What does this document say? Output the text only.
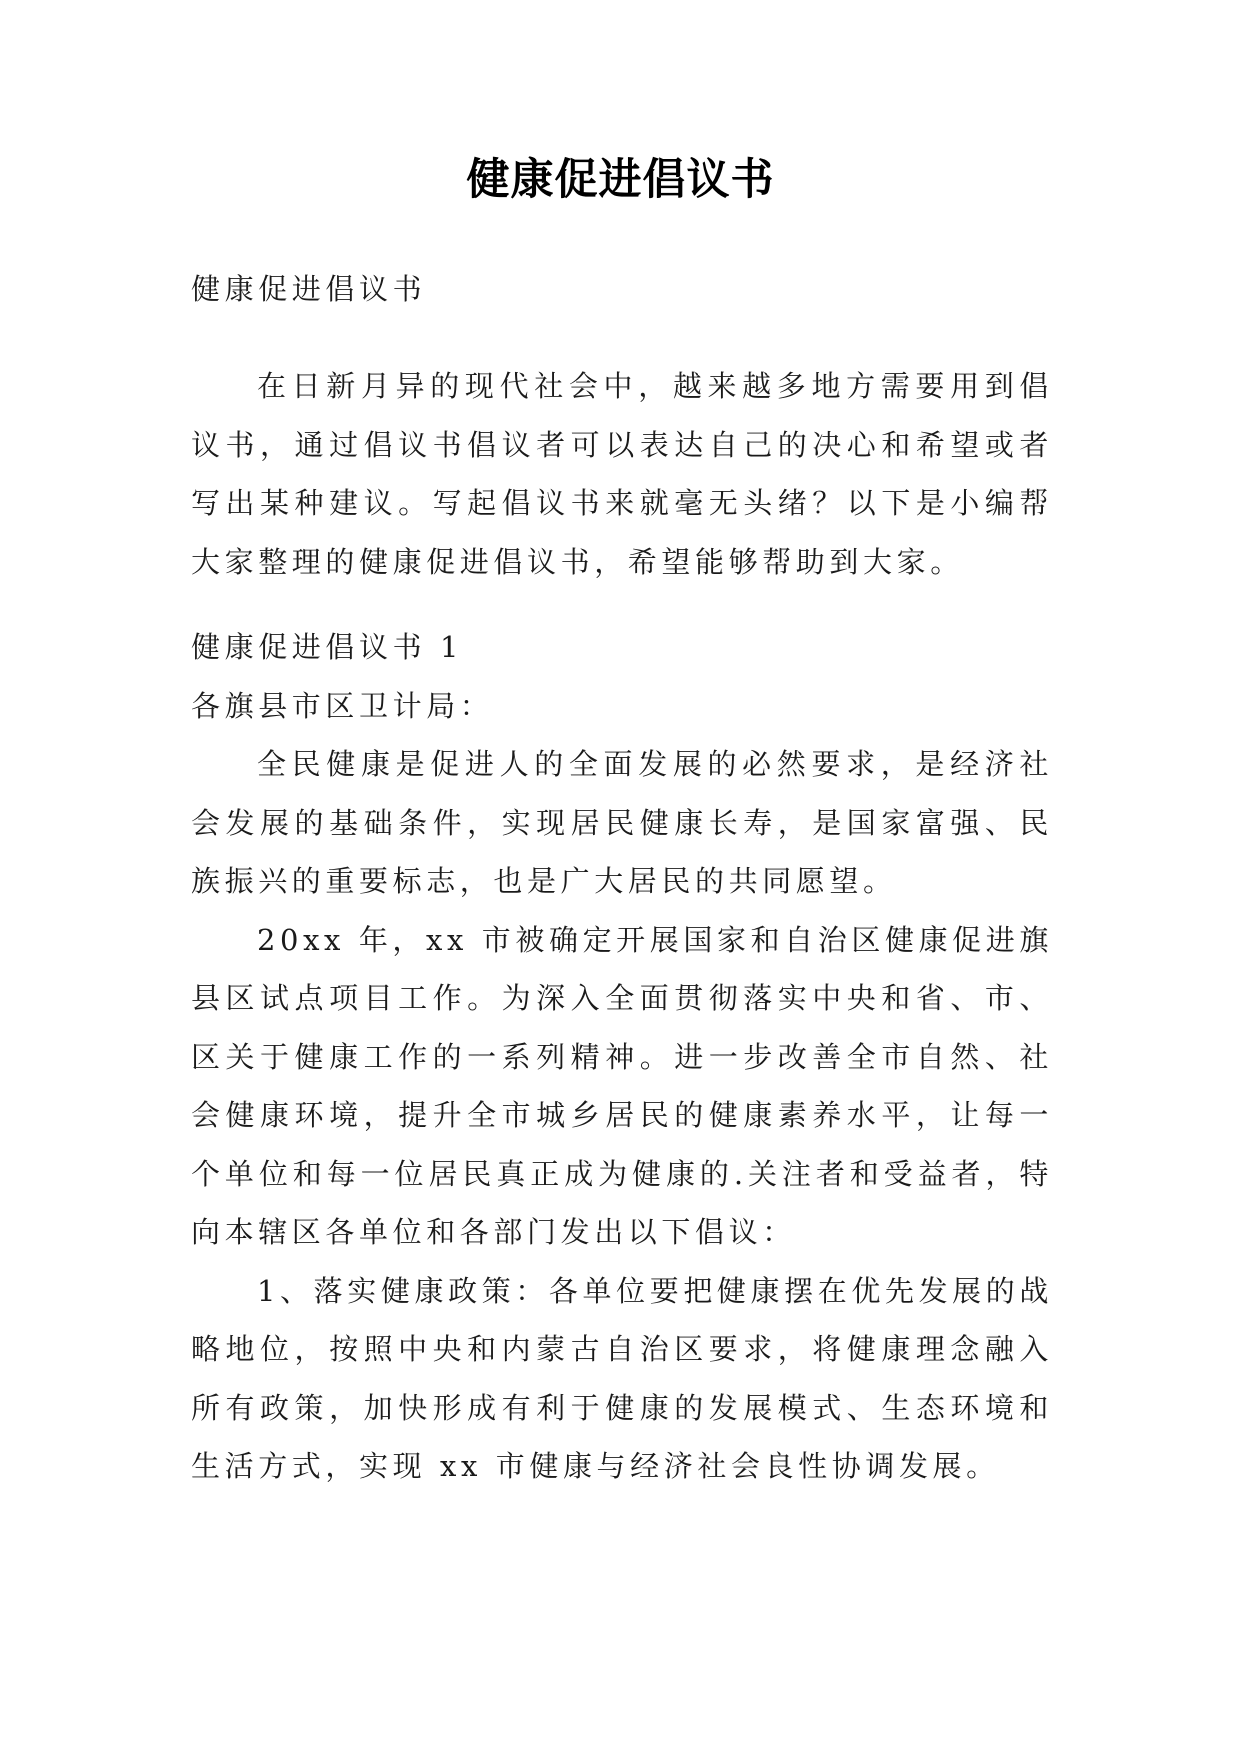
健康促进倡议书

健康促进倡议书

在日新月异的现代社会中，越来越多地方需要用到倡议书，通过倡议书倡议者可以表达自己的决心和希望或者写出某种建议。写起倡议书来就毫无头绪？以下是小编帮大家整理的健康促进倡议书，希望能够帮助到大家。

健康促进倡议书 1

各旗县市区卫计局：

全民健康是促进人的全面发展的必然要求，是经济社会发展的基础条件，实现居民健康长寿，是国家富强、民族振兴的重要标志，也是广大居民的共同愿望。

20xx 年，xx 市被确定开展国家和自治区健康促进旗县区试点项目工作。为深入全面贯彻落实中央和省、市、区关于健康工作的一系列精神。进一步改善全市自然、社会健康环境，提升全市城乡居民的健康素养水平，让每一个单位和每一位居民真正成为健康的.关注者和受益者，特向本辖区各单位和各部门发出以下倡议：

1、落实健康政策：各单位要把健康摆在优先发展的战略地位，按照中央和内蒙古自治区要求，将健康理念融入所有政策，加快形成有利于健康的发展模式、生态环境和生活方式，实现 xx 市健康与经济社会良性协调发展。
